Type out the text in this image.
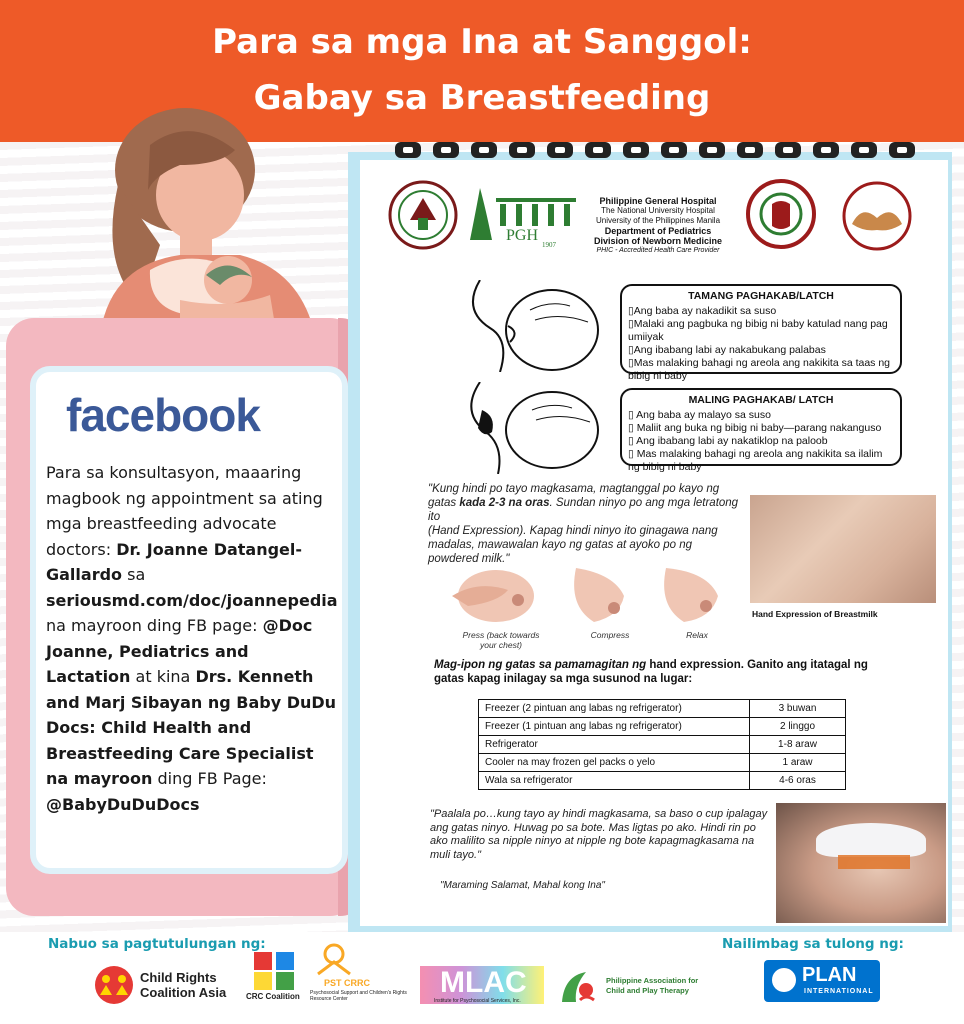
Para sa mga Ina at Sanggol:
Gabay sa Breastfeeding
facebook
Para sa konsultasyon, maaaring magbook ng appointment sa ating mga breastfeeding advocate doctors: Dr. Joanne Datangel-Gallardo sa seriousmd.com/doc/joannepedia na mayroon ding FB page: @Doc Joanne, Pediatrics and Lactation at kina Drs. Kenneth and Marj Sibayan ng Baby DuDu Docs: Child Health and Breastfeeding Care Specialist na mayroon ding FB Page: @BabyDuDuDocs
PGH
1907
Philippine General Hospital
The National University Hospital
University of the Philippines Manila
Department of Pediatrics
Division of Newborn Medicine
PHIC - Accredited Health Care Provider
TAMANG PAGHAKAB/LATCH
▯Ang baba ay nakadikit sa suso
▯Malaki ang pagbuka ng bibig ni baby katulad nang pag umiiyak
▯Ang ibabang labi ay nakabukang palabas
▯Mas malaking bahagi ng areola ang nakikita sa taas ng bibig ni baby
MALING PAGHAKAB/ LATCH
▯ Ang baba ay malayo sa suso
▯ Maliit ang buka ng bibig ni baby—parang nakanguso
▯ Ang ibabang labi ay nakatiklop na paloob
▯ Mas malaking bahagi ng areola ang nakikita sa ilalim ng bibig ni baby
"Kung hindi po tayo magkasama, magtanggal po kayo ng gatas kada 2-3 na oras. Sundan ninyo po ang mga letratong ito
(Hand Expression). Kapag hindi ninyo ito ginagawa nang madalas, mawawalan kayo ng gatas at ayoko po ng powdered milk."
Hand Expression of Breastmilk
Press (back towards your chest)
Compress	Relax
Mag-ipon ng gatas sa pamamagitan ng hand expression. Ganito ang itatagal ng gatas kapag inilagay sa mga susunod na lugar:
Freezer (2 pintuan ang labas ng refrigerator)	3 buwan
Freezer (1 pintuan ang labas ng refrigerator)	2 linggo
Refrigerator	1-8 araw
Cooler na may frozen gel packs o yelo	1 araw
Wala sa refrigerator	4-6 oras
"Paalala po…kung tayo ay hindi magkasama, sa baso o cup ipalagay ang gatas ninyo. Huwag po sa bote. Mas ligtas po ako. Hindi rin po ako malilito sa nipple ninyo at nipple ng bote kapagmagkasama na muli tayo."
"Maraming Salamat, Mahal kong Ina"
Nabuo sa pagtutulungan ng:	Nailimbag sa tulong ng:
Child Rights
Coalition Asia CRC Coalition
PST CRRC
Psychosocial Support and Children's Rights Resource Center	MLAC
Institute for Psychosocial Services, Inc.
Philippine Association for
Child and Play Therapy
PLAN
INTERNATIONAL
